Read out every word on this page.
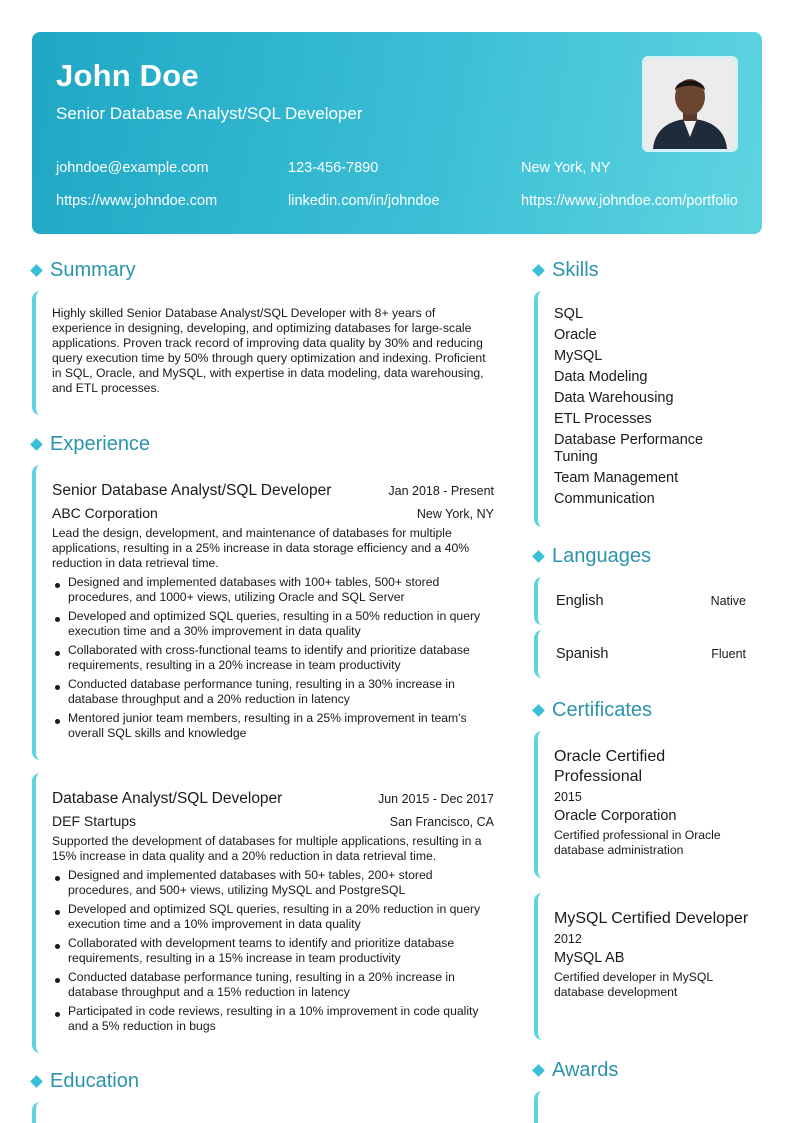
John Doe
Senior Database Analyst/SQL Developer
johndoe@example.com	123-456-7890	New York, NY
https://www.johndoe.com	linkedin.com/in/johndoe	https://www.johndoe.com/portfolio
Summary
Highly skilled Senior Database Analyst/SQL Developer with 8+ years of experience in designing, developing, and optimizing databases for large-scale applications. Proven track record of improving data quality by 30% and reducing query execution time by 50% through query optimization and indexing. Proficient in SQL, Oracle, and MySQL, with expertise in data modeling, data warehousing, and ETL processes.
Experience
Senior Database Analyst/SQL Developer	Jan 2018 - Present
ABC Corporation	New York, NY
Lead the design, development, and maintenance of databases for multiple applications, resulting in a 25% increase in data storage efficiency and a 40% reduction in data retrieval time.
Designed and implemented databases with 100+ tables, 500+ stored procedures, and 1000+ views, utilizing Oracle and SQL Server
Developed and optimized SQL queries, resulting in a 50% reduction in query execution time and a 30% improvement in data quality
Collaborated with cross-functional teams to identify and prioritize database requirements, resulting in a 20% increase in team productivity
Conducted database performance tuning, resulting in a 30% increase in database throughput and a 20% reduction in latency
Mentored junior team members, resulting in a 25% improvement in team's overall SQL skills and knowledge
Database Analyst/SQL Developer	Jun 2015 - Dec 2017
DEF Startups	San Francisco, CA
Supported the development of databases for multiple applications, resulting in a 15% increase in data quality and a 20% reduction in data retrieval time.
Designed and implemented databases with 50+ tables, 200+ stored procedures, and 500+ views, utilizing MySQL and PostgreSQL
Developed and optimized SQL queries, resulting in a 20% reduction in query execution time and a 10% improvement in data quality
Collaborated with development teams to identify and prioritize database requirements, resulting in a 15% increase in team productivity
Conducted database performance tuning, resulting in a 20% increase in database throughput and a 15% reduction in latency
Participated in code reviews, resulting in a 10% improvement in code quality and a 5% reduction in bugs
Education
Skills
SQL
Oracle
MySQL
Data Modeling
Data Warehousing
ETL Processes
Database Performance Tuning
Team Management
Communication
Languages
English	Native
Spanish	Fluent
Certificates
Oracle Certified Professional
2015
Oracle Corporation
Certified professional in Oracle database administration
MySQL Certified Developer
2012
MySQL AB
Certified developer in MySQL database development
Awards
